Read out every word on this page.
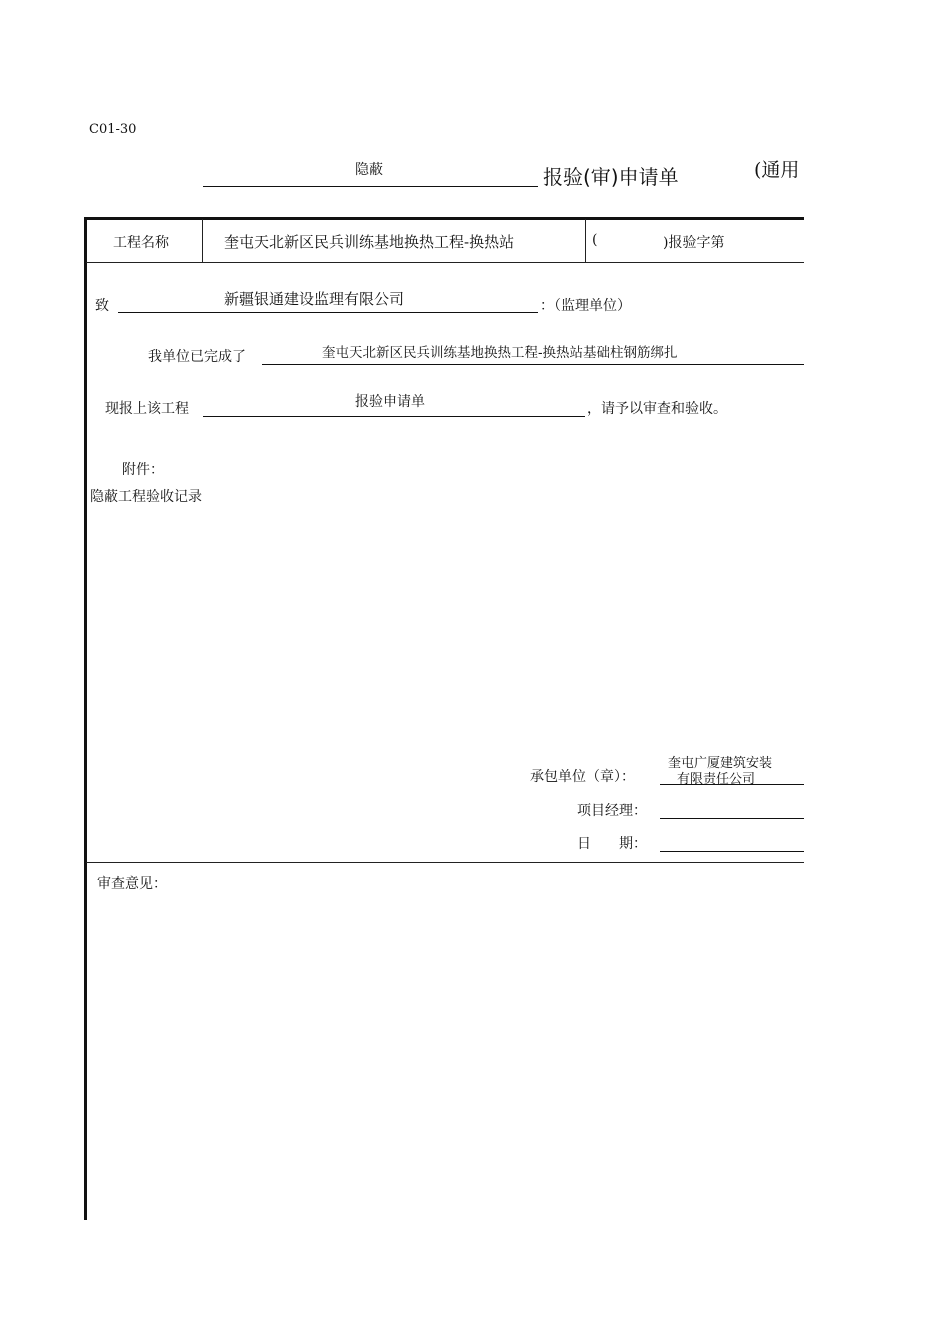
C01-30
隐蔽	报验(审)申请单	(通用
工程名称	奎屯天北新区民兵训练基地换热工程-换热站	(	)报验字第
致	新疆银通建设监理有限公司	：（监理单位）
我单位已完成了	奎屯天北新区民兵训练基地换热工程-换热站基础柱钢筋绑扎
现报上该工程	报验申请单	，请予以审查和验收。
附件：
隐蔽工程验收记录
承包单位（章）：
奎屯广厦建筑安装
有限责任公司
项目经理：
日　　期：
审查意见：
